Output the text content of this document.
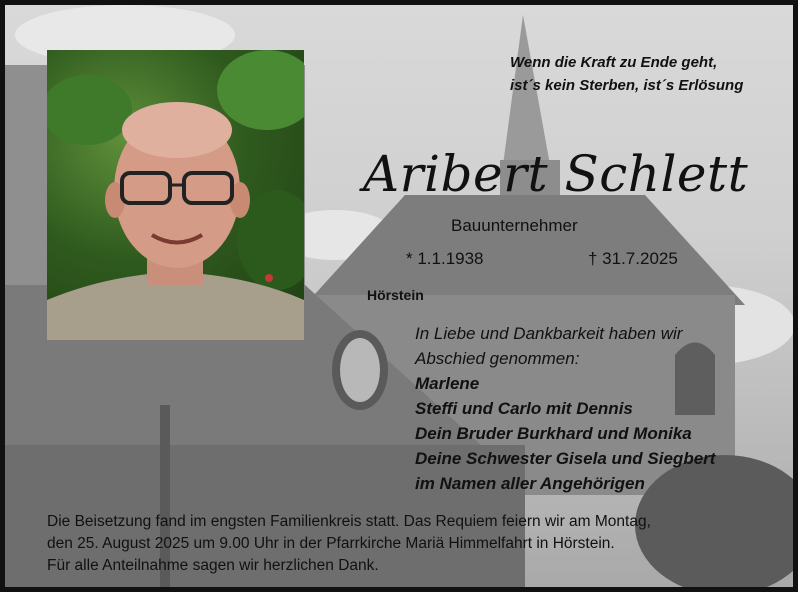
Wenn die Kraft zu Ende geht,
ist´s kein Sterben, ist´s Erlösung
Aribert Schlett
Bauunternehmer
* 1.1.1938	† 31.7.2025
Hörstein
In Liebe und Dankbarkeit haben wir
Abschied genommen:
Marlene
Steffi und Carlo mit Dennis
Dein Bruder Burkhard und Monika
Deine Schwester Gisela und Siegbert
im Namen aller Angehörigen
Die Beisetzung fand im engsten Familienkreis statt. Das Requiem feiern wir am Montag,
den 25. August 2025 um 9.00 Uhr in der Pfarrkirche Mariä Himmelfahrt in Hörstein.
Für alle Anteilnahme sagen wir herzlichen Dank.
